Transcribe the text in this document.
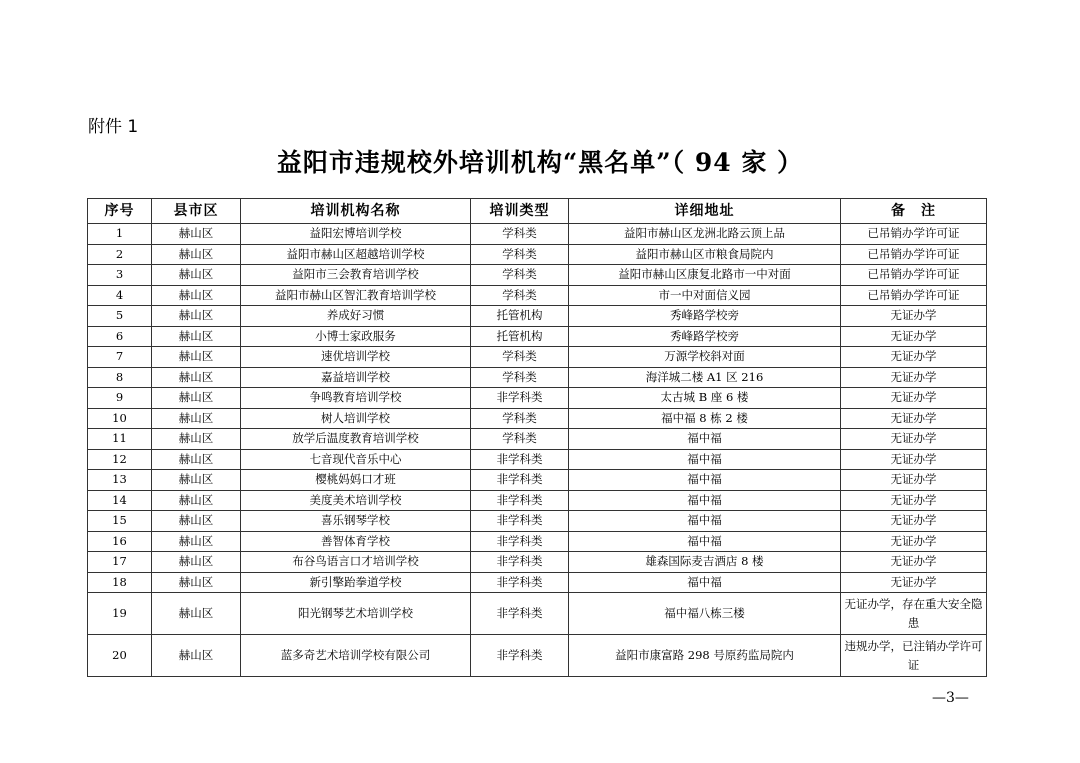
附件 1
益阳市违规校外培训机构“黑名单”（ 94 家 ）
序号	县市区	培训机构名称	培训类型	详细地址	备　注
1	赫山区	益阳宏博培训学校	学科类	益阳市赫山区龙洲北路云顶上品	已吊销办学许可证
2	赫山区	益阳市赫山区超越培训学校	学科类	益阳市赫山区市粮食局院内	已吊销办学许可证
3	赫山区	益阳市三会教育培训学校	学科类	益阳市赫山区康复北路市一中对面	已吊销办学许可证
4	赫山区	益阳市赫山区智汇教育培训学校	学科类	市一中对面信义园	已吊销办学许可证
5	赫山区	养成好习惯	托管机构	秀峰路学校旁	无证办学
6	赫山区	小博士家政服务	托管机构	秀峰路学校旁	无证办学
7	赫山区	速优培训学校	学科类	万源学校斜对面	无证办学
8	赫山区	嘉益培训学校	学科类	海洋城二楼 A1 区 216	无证办学
9	赫山区	争鸣教育培训学校	非学科类	太古城 B 座 6 楼	无证办学
10	赫山区	树人培训学校	学科类	福中福 8 栋 2 楼	无证办学
11	赫山区	放学后温度教育培训学校	学科类	福中福	无证办学
12	赫山区	七音现代音乐中心	非学科类	福中福	无证办学
13	赫山区	樱桃妈妈口才班	非学科类	福中福	无证办学
14	赫山区	美度美术培训学校	非学科类	福中福	无证办学
15	赫山区	喜乐钢琴学校	非学科类	福中福	无证办学
16	赫山区	善智体育学校	非学科类	福中福	无证办学
17	赫山区	布谷鸟语言口才培训学校	非学科类	雄森国际麦吉酒店 8 楼	无证办学
18	赫山区	新引擎跆拳道学校	非学科类	福中福	无证办学
19	赫山区	阳光钢琴艺术培训学校	非学科类	福中福八栋三楼	无证办学，存在重大安全隐患
20	赫山区	蓝多奇艺术培训学校有限公司	非学科类	益阳市康富路 298 号原药监局院内	违规办学，已注销办学许可证
—3—
